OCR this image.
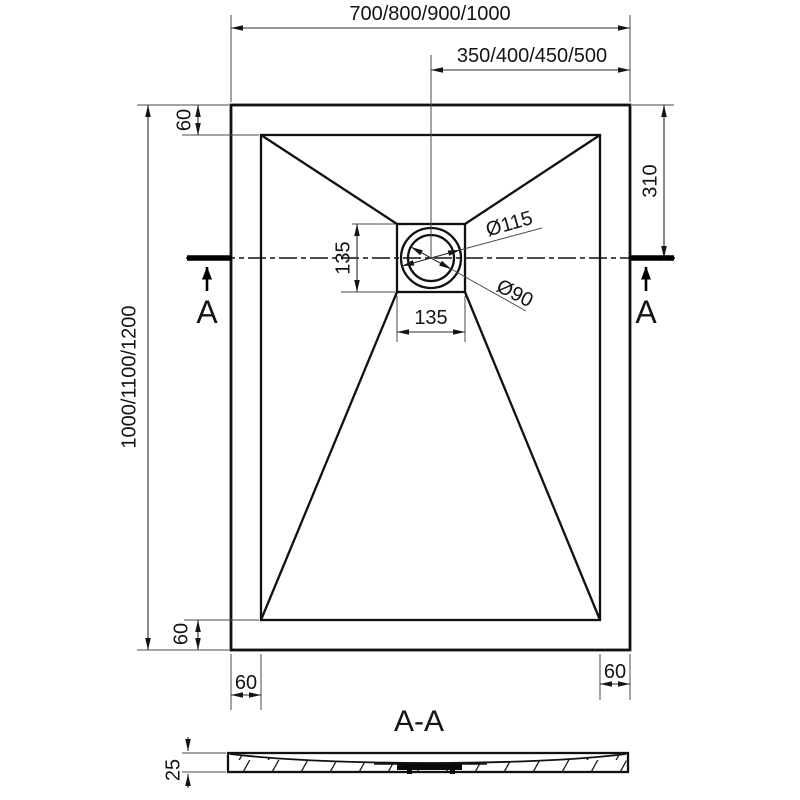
A	A
700/800/900/1000
350/400/450/500
1000/1100/1200
60
60
60	60
310
135
135
Ø115
Ø90
A-A
25
